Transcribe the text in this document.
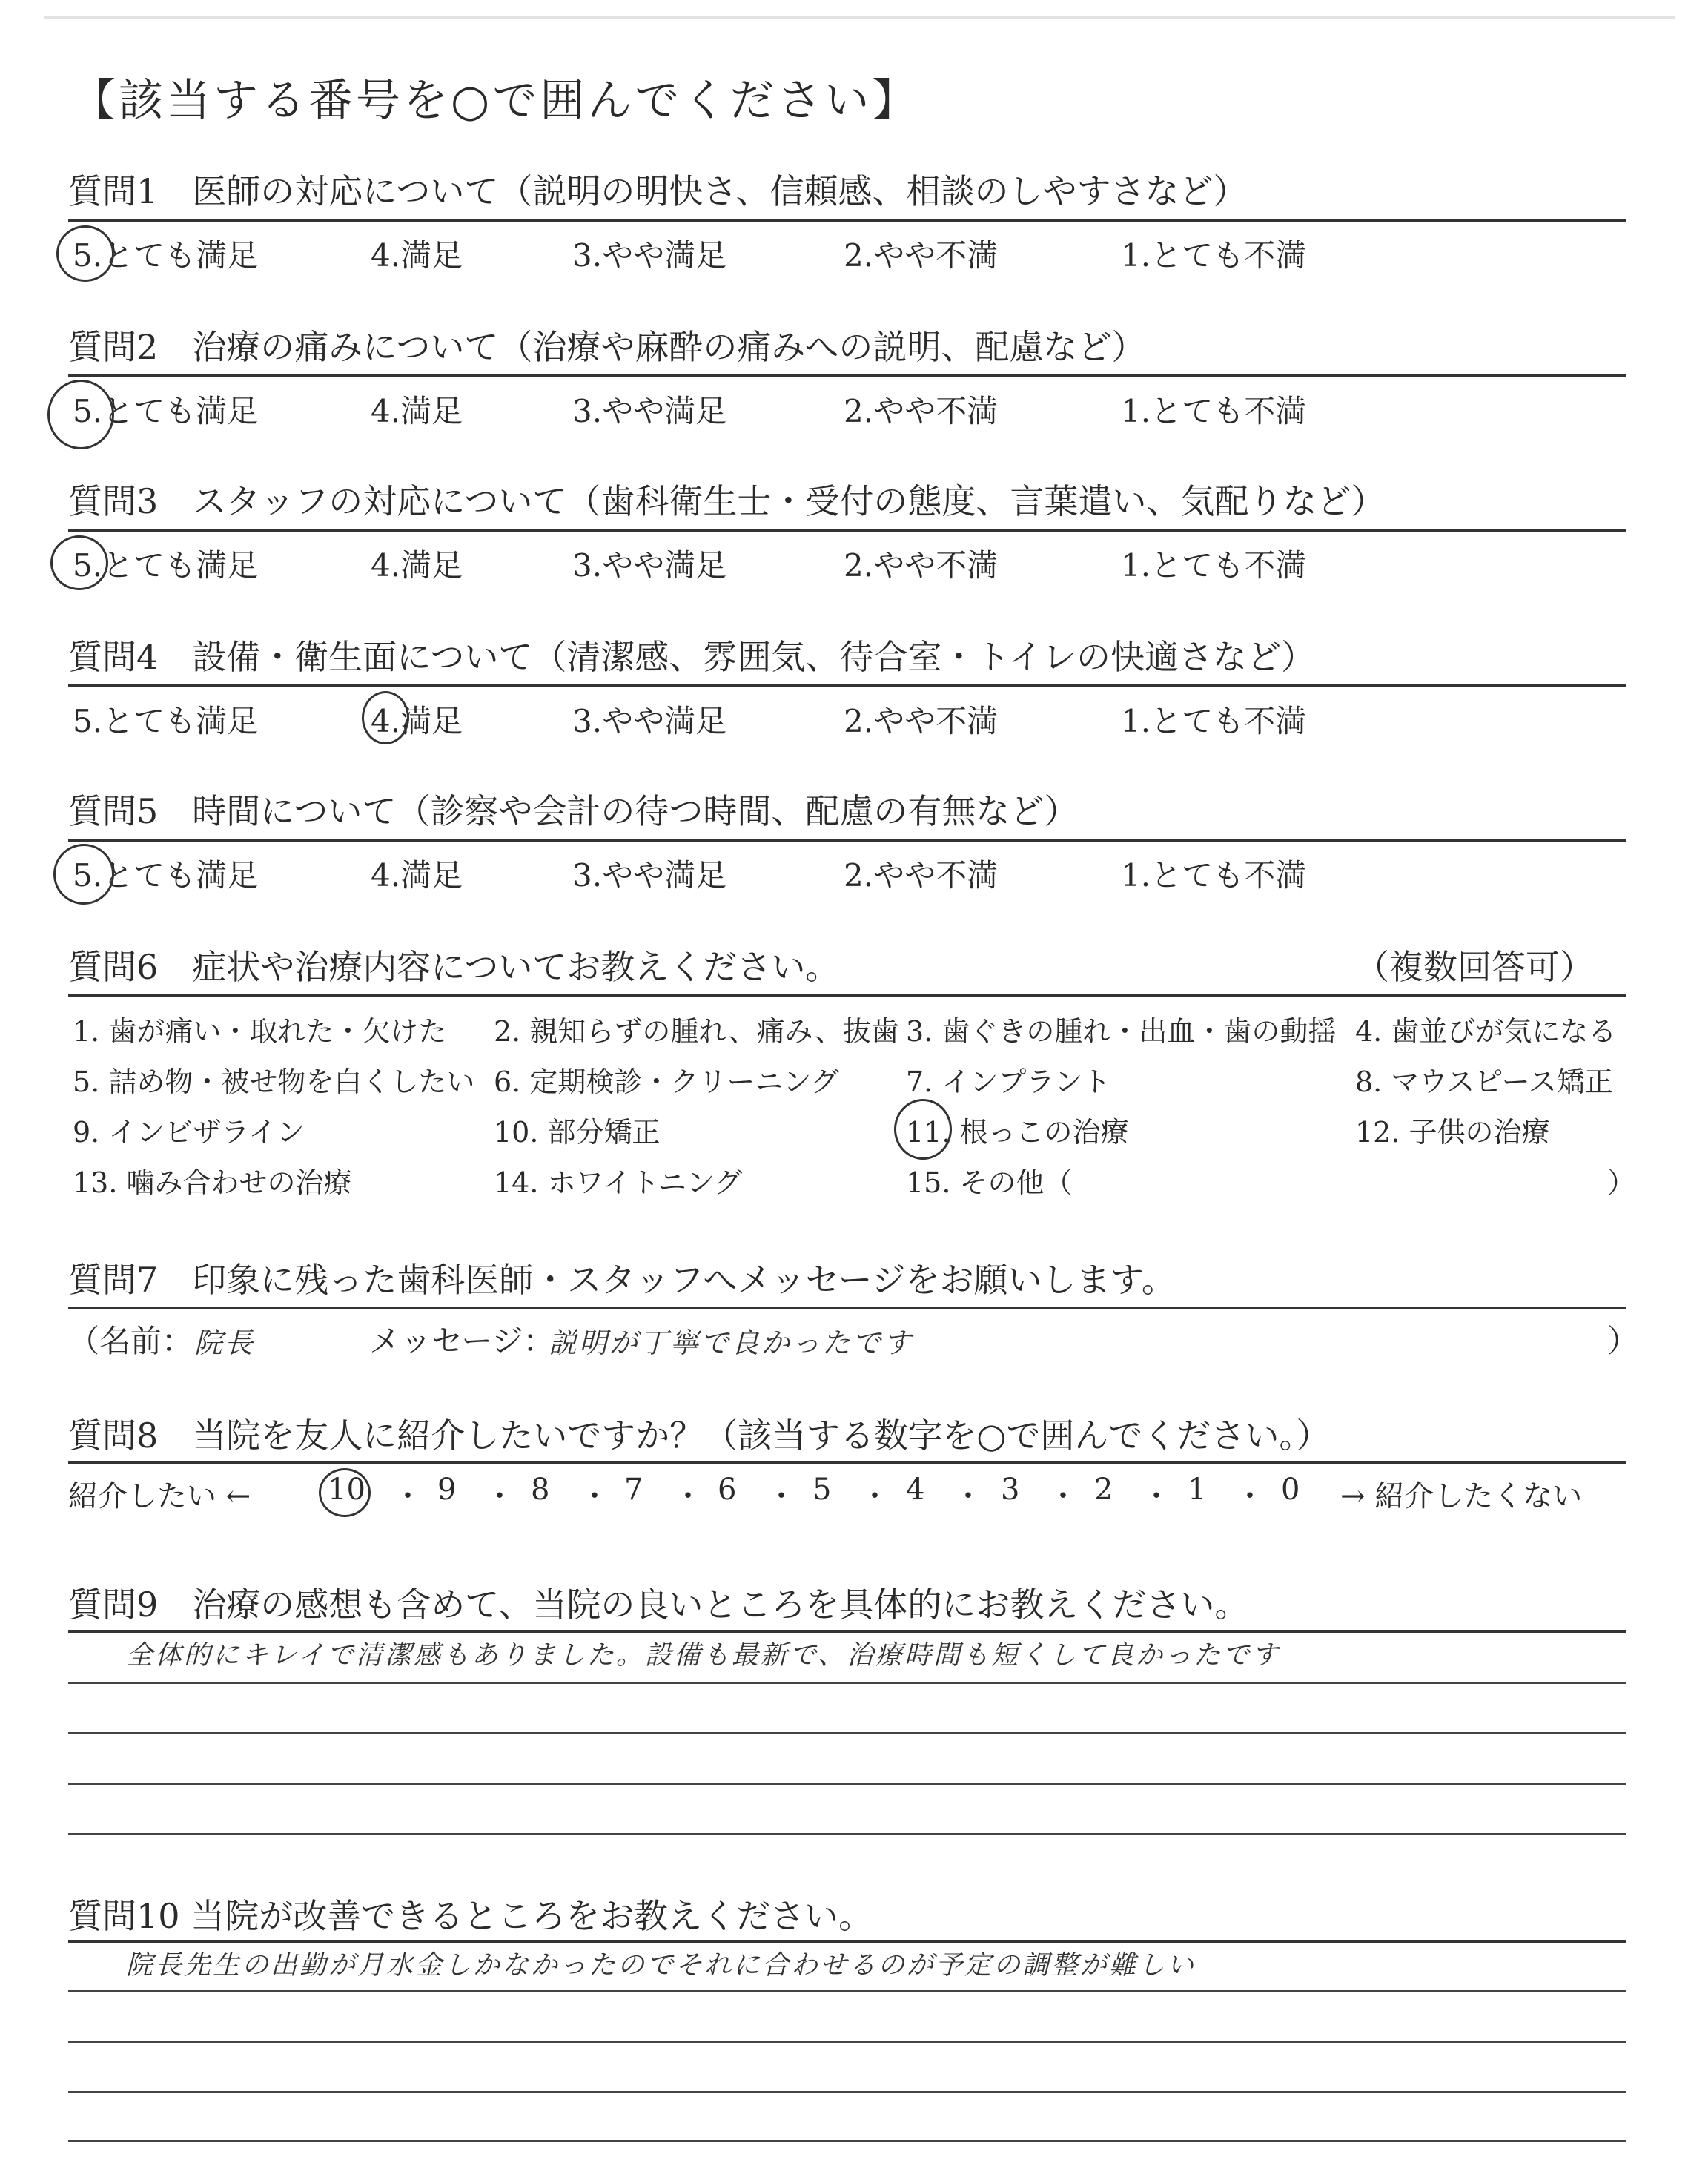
【該当する番号を○で囲んでください】
質問1　医師の対応について（説明の明快さ、信頼感、相談のしやすさなど）
5.とても満足	4.満足	3.やや満足	2.やや不満	1.とても不満
質問2　治療の痛みについて（治療や麻酔の痛みへの説明、配慮など）
5.とても満足	4.満足	3.やや満足	2.やや不満	1.とても不満
質問3　スタッフの対応について（歯科衛生士・受付の態度、言葉遣い、気配りなど）
5.とても満足	4.満足	3.やや満足	2.やや不満	1.とても不満
質問4　設備・衛生面について（清潔感、雰囲気、待合室・トイレの快適さなど）
5.とても満足	4.満足	3.やや満足	2.やや不満	1.とても不満
質問5　時間について（診察や会計の待つ時間、配慮の有無など）
5.とても満足	4.満足	3.やや満足	2.やや不満	1.とても不満
質問6　症状や治療内容についてお教えください。	（複数回答可）
1. 歯が痛い・取れた・欠けた 2. 親知らずの腫れ、痛み、抜歯 3. 歯ぐきの腫れ・出血・歯の動揺 4. 歯並びが気になる
5. 詰め物・被せ物を白くしたい 6. 定期検診・クリーニング 7. インプラント	8. マウスピース矯正
9. インビザライン	10. 部分矯正	11. 根っこの治療	12. 子供の治療
13. 噛み合わせの治療	14. ホワイトニング	15. その他（	）
質問7　印象に残った歯科医師・スタッフへメッセージをお願いします。
（名前： 院長	メッセージ：
説明が丁寧で良かったです	）
質問8　当院を友人に紹介したいですか？（該当する数字を○で囲んでください。）
紹介したい ←	10 ・ 9 ・ 8 ・ 7 ・ 6 ・ 5 ・ 4 ・ 3 ・ 2 ・ 1 ・ 0 → 紹介したくない
質問9　治療の感想も含めて、当院の良いところを具体的にお教えください。
全体的にキレイで清潔感もありました。設備も最新で、治療時間も短くして良かったです
質問10 当院が改善できるところをお教えください。
院長先生の出勤が月水金しかなかったのでそれに合わせるのが予定の調整が難しい
